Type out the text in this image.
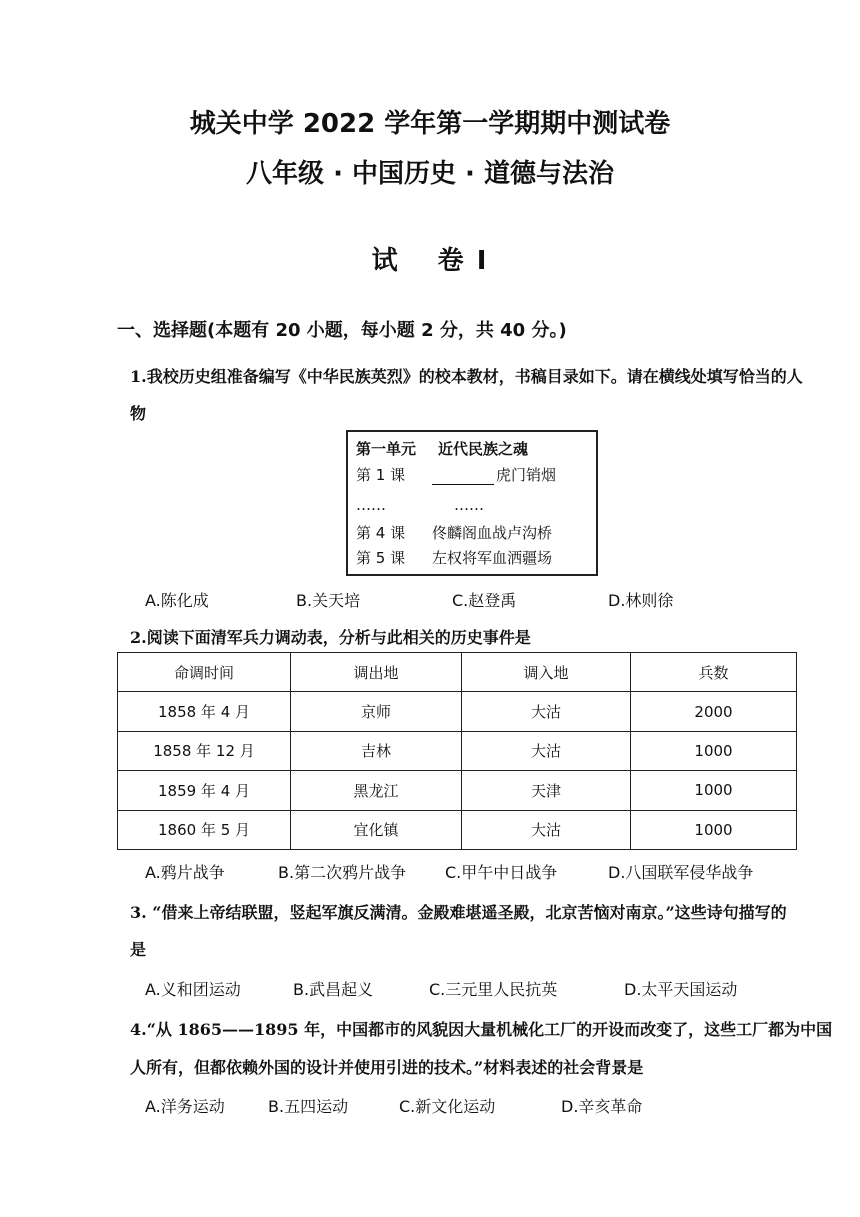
城关中学 2022 学年第一学期期中测试卷
八年级 · 中国历史 · 道德与法治
试 卷 I
一、选择题(本题有 20 小题，每小题 2 分，共 40 分。)
1.我校历史组准备编写《中华民族英烈》的校本教材，书稿目录如下。请在横线处填写恰当的人
物
第一单元 近代民族之魂
第 1 课	虎门销烟
……	……
第 4 课 佟麟阁血战卢沟桥
第 5 课 左权将军血洒疆场
A.陈化成	B.关天培	C.赵登禹	D.林则徐
2.阅读下面清军兵力调动表，分析与此相关的历史事件是
命调时间	调出地	调入地	兵数
1858 年 4 月	京师	大沽	2000
1858 年 12 月	吉林	大沽	1000
1859 年 4 月	黑龙江	天津	1000
1860 年 5 月	宜化镇	大沽	1000
A.鸦片战争	B.第二次鸦片战争 C.甲午中日战争	D.八国联军侵华战争
3. “借来上帝结联盟，竖起军旗反满清。金殿难堪遥圣殿，北京苦恼对南京。”这些诗句描写的
是
A.义和团运动	B.武昌起义	C.三元里人民抗英	D.太平天国运动
4.“从 1865——1895 年，中国都市的风貌因大量机械化工厂的开设而改变了，这些工厂都为中国
人所有，但都依赖外国的设计并使用引进的技术。”材料表述的社会背景是
A.洋务运动	B.五四运动	C.新文化运动	D.辛亥革命
